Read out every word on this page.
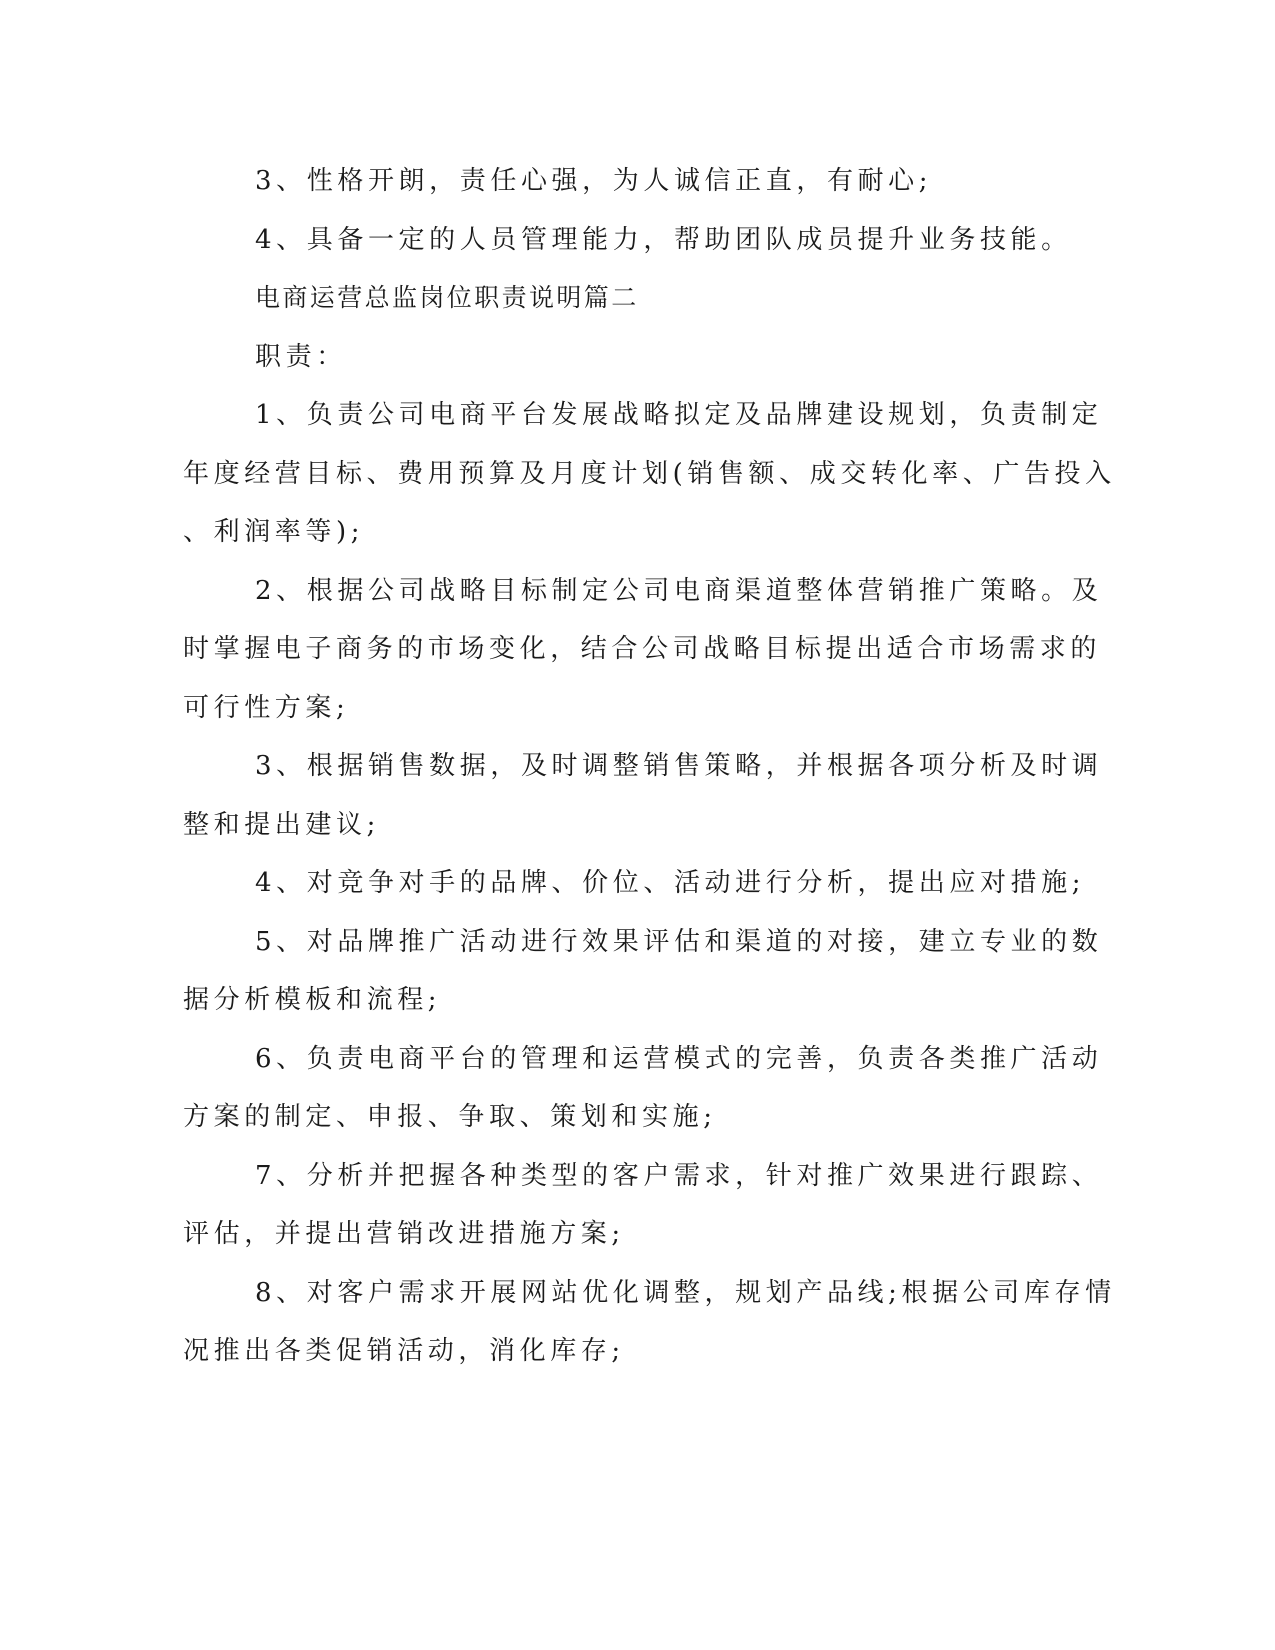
3、性格开朗，责任心强，为人诚信正直，有耐心;
4、具备一定的人员管理能力，帮助团队成员提升业务技能。
电商运营总监岗位职责说明篇二
职责：
1、负责公司电商平台发展战略拟定及品牌建设规划，负责制定
年度经营目标、费用预算及月度计划(销售额、成交转化率、广告投入
、利润率等);
2、根据公司战略目标制定公司电商渠道整体营销推广策略。及
时掌握电子商务的市场变化，结合公司战略目标提出适合市场需求的
可行性方案;
3、根据销售数据，及时调整销售策略，并根据各项分析及时调
整和提出建议;
4、对竞争对手的品牌、价位、活动进行分析，提出应对措施;
5、对品牌推广活动进行效果评估和渠道的对接，建立专业的数
据分析模板和流程;
6、负责电商平台的管理和运营模式的完善，负责各类推广活动
方案的制定、申报、争取、策划和实施;
7、分析并把握各种类型的客户需求，针对推广效果进行跟踪、
评估，并提出营销改进措施方案;
8、对客户需求开展网站优化调整，规划产品线;根据公司库存情
况推出各类促销活动，消化库存;
